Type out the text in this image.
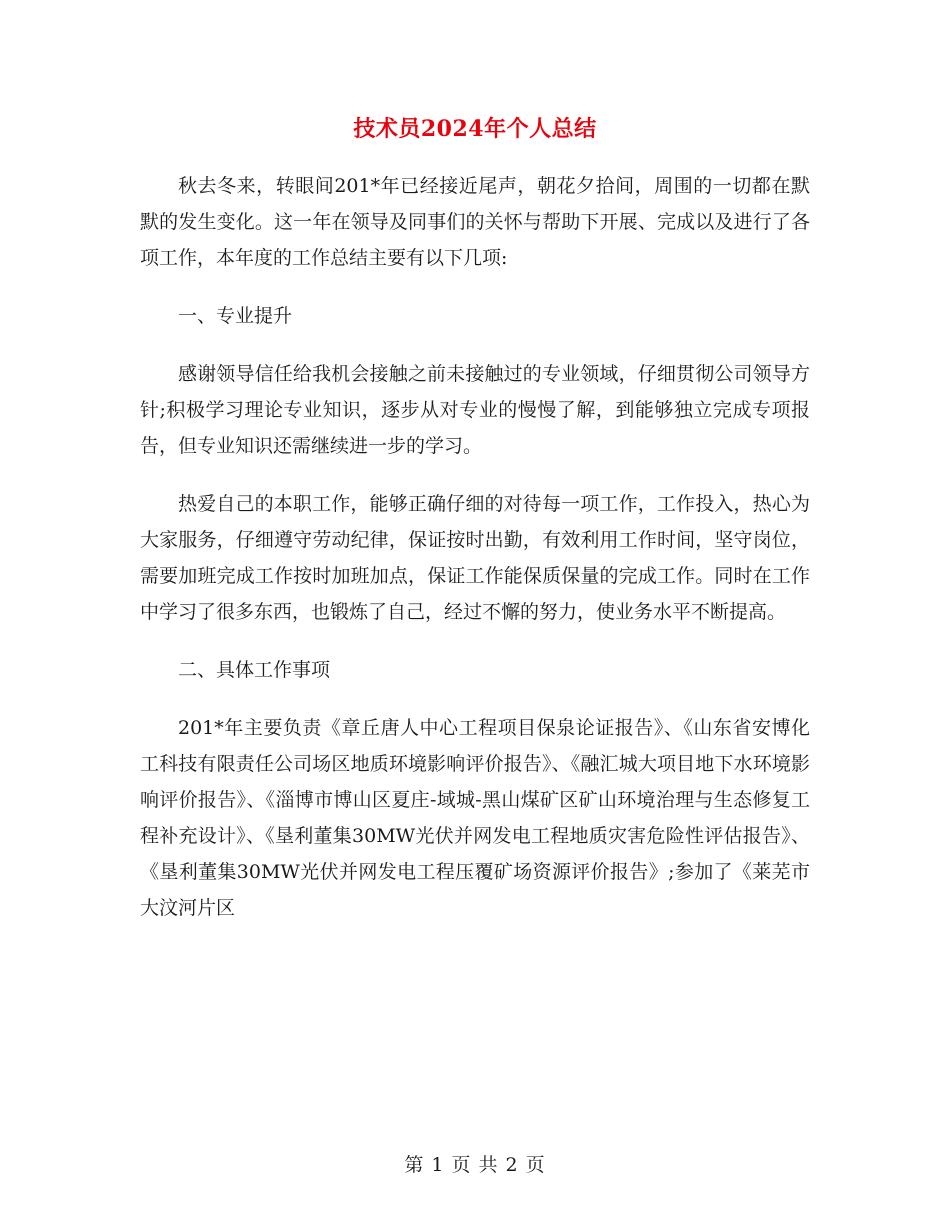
技术员2024年个人总结

秋去冬来，转眼间201*年已经接近尾声，朝花夕拾间，周围的一切都在默默的发生变化。这一年在领导及同事们的关怀与帮助下开展、完成以及进行了各项工作，本年度的工作总结主要有以下几项:

一、专业提升

感谢领导信任给我机会接触之前未接触过的专业领域，仔细贯彻公司领导方针;积极学习理论专业知识，逐步从对专业的慢慢了解，到能够独立完成专项报告，但专业知识还需继续进一步的学习。

热爱自己的本职工作，能够正确仔细的对待每一项工作，工作投入，热心为大家服务，仔细遵守劳动纪律，保证按时出勤，有效利用工作时间，坚守岗位，需要加班完成工作按时加班加点，保证工作能保质保量的完成工作。同时在工作中学习了很多东西，也锻炼了自己，经过不懈的努力，使业务水平不断提高。

二、具体工作事项

201*年主要负责《章丘唐人中心工程项目保泉论证报告》、《山东省安博化工科技有限责任公司场区地质环境影响评价报告》、《融汇城大项目地下水环境影响评价报告》、《淄博市博山区夏庄-域城-黑山煤矿区矿山环境治理与生态修复工程补充设计》、《垦利董集30MW光伏并网发电工程地质灾害危险性评估报告》、《垦利董集30MW光伏并网发电工程压覆矿场资源评价报告》;参加了《莱芜市大汶河片区

第 1 页 共 2 页
